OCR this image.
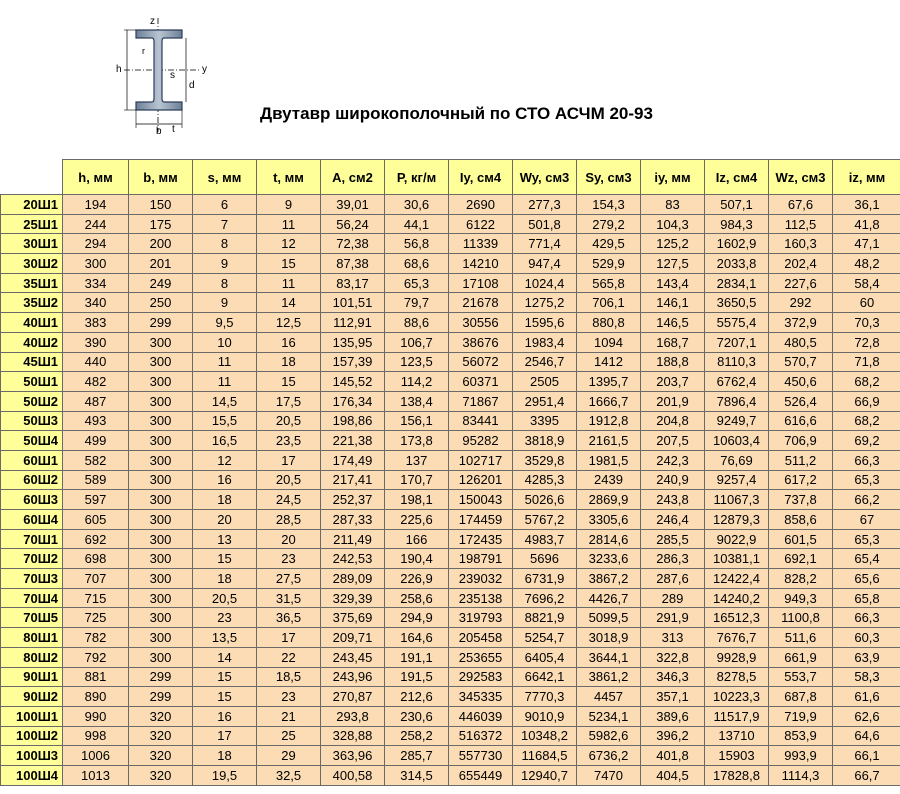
h
d
s
b t
r
z
y
Двутавр широкополочный по СТО АСЧМ 20-93
	h, мм	b, мм	s, мм	t, мм	A, см2	P, кг/м	Iy, см4	Wy, см3	Sy, см3	iy, мм	Iz, см4	Wz, см3	iz, мм
20Ш1	194	150	6	9	39,01	30,6	2690	277,3	154,3	83	507,1	67,6	36,1
25Ш1	244	175	7	11	56,24	44,1	6122	501,8	279,2	104,3	984,3	112,5	41,8
30Ш1	294	200	8	12	72,38	56,8	11339	771,4	429,5	125,2	1602,9	160,3	47,1
30Ш2	300	201	9	15	87,38	68,6	14210	947,4	529,9	127,5	2033,8	202,4	48,2
35Ш1	334	249	8	11	83,17	65,3	17108	1024,4	565,8	143,4	2834,1	227,6	58,4
35Ш2	340	250	9	14	101,51	79,7	21678	1275,2	706,1	146,1	3650,5	292	60
40Ш1	383	299	9,5	12,5	112,91	88,6	30556	1595,6	880,8	146,5	5575,4	372,9	70,3
40Ш2	390	300	10	16	135,95	106,7	38676	1983,4	1094	168,7	7207,1	480,5	72,8
45Ш1	440	300	11	18	157,39	123,5	56072	2546,7	1412	188,8	8110,3	570,7	71,8
50Ш1	482	300	11	15	145,52	114,2	60371	2505	1395,7	203,7	6762,4	450,6	68,2
50Ш2	487	300	14,5	17,5	176,34	138,4	71867	2951,4	1666,7	201,9	7896,4	526,4	66,9
50Ш3	493	300	15,5	20,5	198,86	156,1	83441	3395	1912,8	204,8	9249,7	616,6	68,2
50Ш4	499	300	16,5	23,5	221,38	173,8	95282	3818,9	2161,5	207,5	10603,4	706,9	69,2
60Ш1	582	300	12	17	174,49	137	102717	3529,8	1981,5	242,3	76,69	511,2	66,3
60Ш2	589	300	16	20,5	217,41	170,7	126201	4285,3	2439	240,9	9257,4	617,2	65,3
60Ш3	597	300	18	24,5	252,37	198,1	150043	5026,6	2869,9	243,8	11067,3	737,8	66,2
60Ш4	605	300	20	28,5	287,33	225,6	174459	5767,2	3305,6	246,4	12879,3	858,6	67
70Ш1	692	300	13	20	211,49	166	172435	4983,7	2814,6	285,5	9022,9	601,5	65,3
70Ш2	698	300	15	23	242,53	190,4	198791	5696	3233,6	286,3	10381,1	692,1	65,4
70Ш3	707	300	18	27,5	289,09	226,9	239032	6731,9	3867,2	287,6	12422,4	828,2	65,6
70Ш4	715	300	20,5	31,5	329,39	258,6	235138	7696,2	4426,7	289	14240,2	949,3	65,8
70Ш5	725	300	23	36,5	375,69	294,9	319793	8821,9	5099,5	291,9	16512,3	1100,8	66,3
80Ш1	782	300	13,5	17	209,71	164,6	205458	5254,7	3018,9	313	7676,7	511,6	60,3
80Ш2	792	300	14	22	243,45	191,1	253655	6405,4	3644,1	322,8	9928,9	661,9	63,9
90Ш1	881	299	15	18,5	243,96	191,5	292583	6642,1	3861,2	346,3	8278,5	553,7	58,3
90Ш2	890	299	15	23	270,87	212,6	345335	7770,3	4457	357,1	10223,3	687,8	61,6
100Ш1	990	320	16	21	293,8	230,6	446039	9010,9	5234,1	389,6	11517,9	719,9	62,6
100Ш2	998	320	17	25	328,88	258,2	516372	10348,2	5982,6	396,2	13710	853,9	64,6
100Ш3	1006	320	18	29	363,96	285,7	557730	11684,5	6736,2	401,8	15903	993,9	66,1
100Ш4	1013	320	19,5	32,5	400,58	314,5	655449	12940,7	7470	404,5	17828,8	1114,3	66,7
